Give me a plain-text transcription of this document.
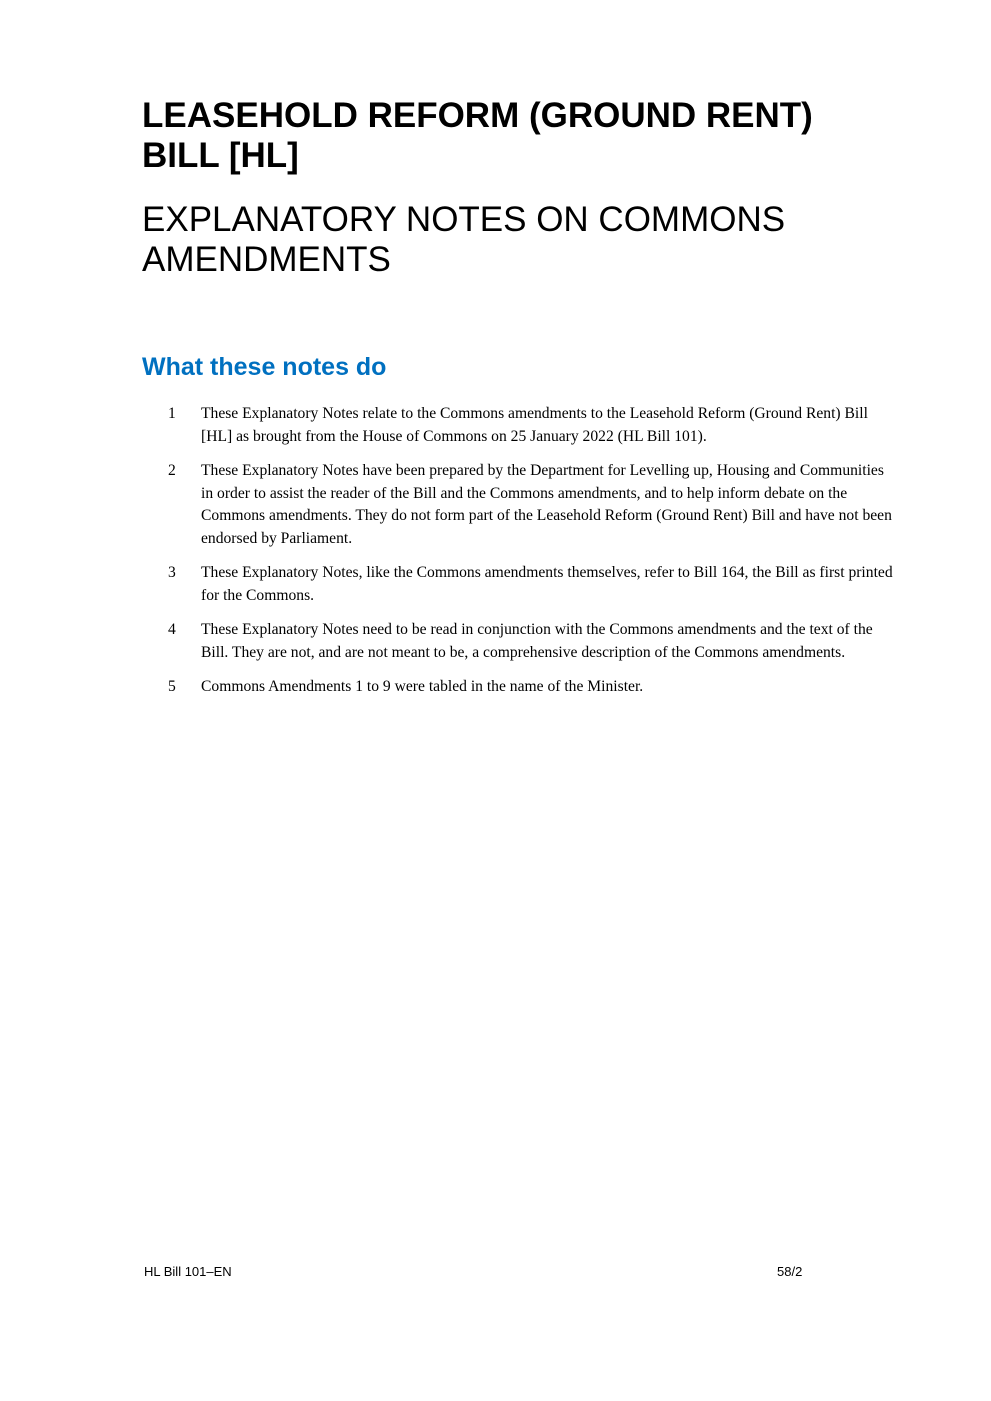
LEASEHOLD REFORM (GROUND RENT) BILL [HL]
EXPLANATORY NOTES ON COMMONS AMENDMENTS
What these notes do
1	These Explanatory Notes relate to the Commons amendments to the Leasehold Reform (Ground Rent) Bill [HL] as brought from the House of Commons on 25 January 2022 (HL Bill 101).
2	These Explanatory Notes have been prepared by the Department for Levelling up, Housing and Communities in order to assist the reader of the Bill and the Commons amendments, and to help inform debate on the Commons amendments. They do not form part of the Leasehold Reform (Ground Rent) Bill and have not been endorsed by Parliament.
3	These Explanatory Notes, like the Commons amendments themselves, refer to Bill 164, the Bill as first printed for the Commons.
4	These Explanatory Notes need to be read in conjunction with the Commons amendments and the text of the Bill. They are not, and are not meant to be, a comprehensive description of the Commons amendments.
5	Commons Amendments 1 to 9 were tabled in the name of the Minister.
HL Bill 101–EN	58/2
